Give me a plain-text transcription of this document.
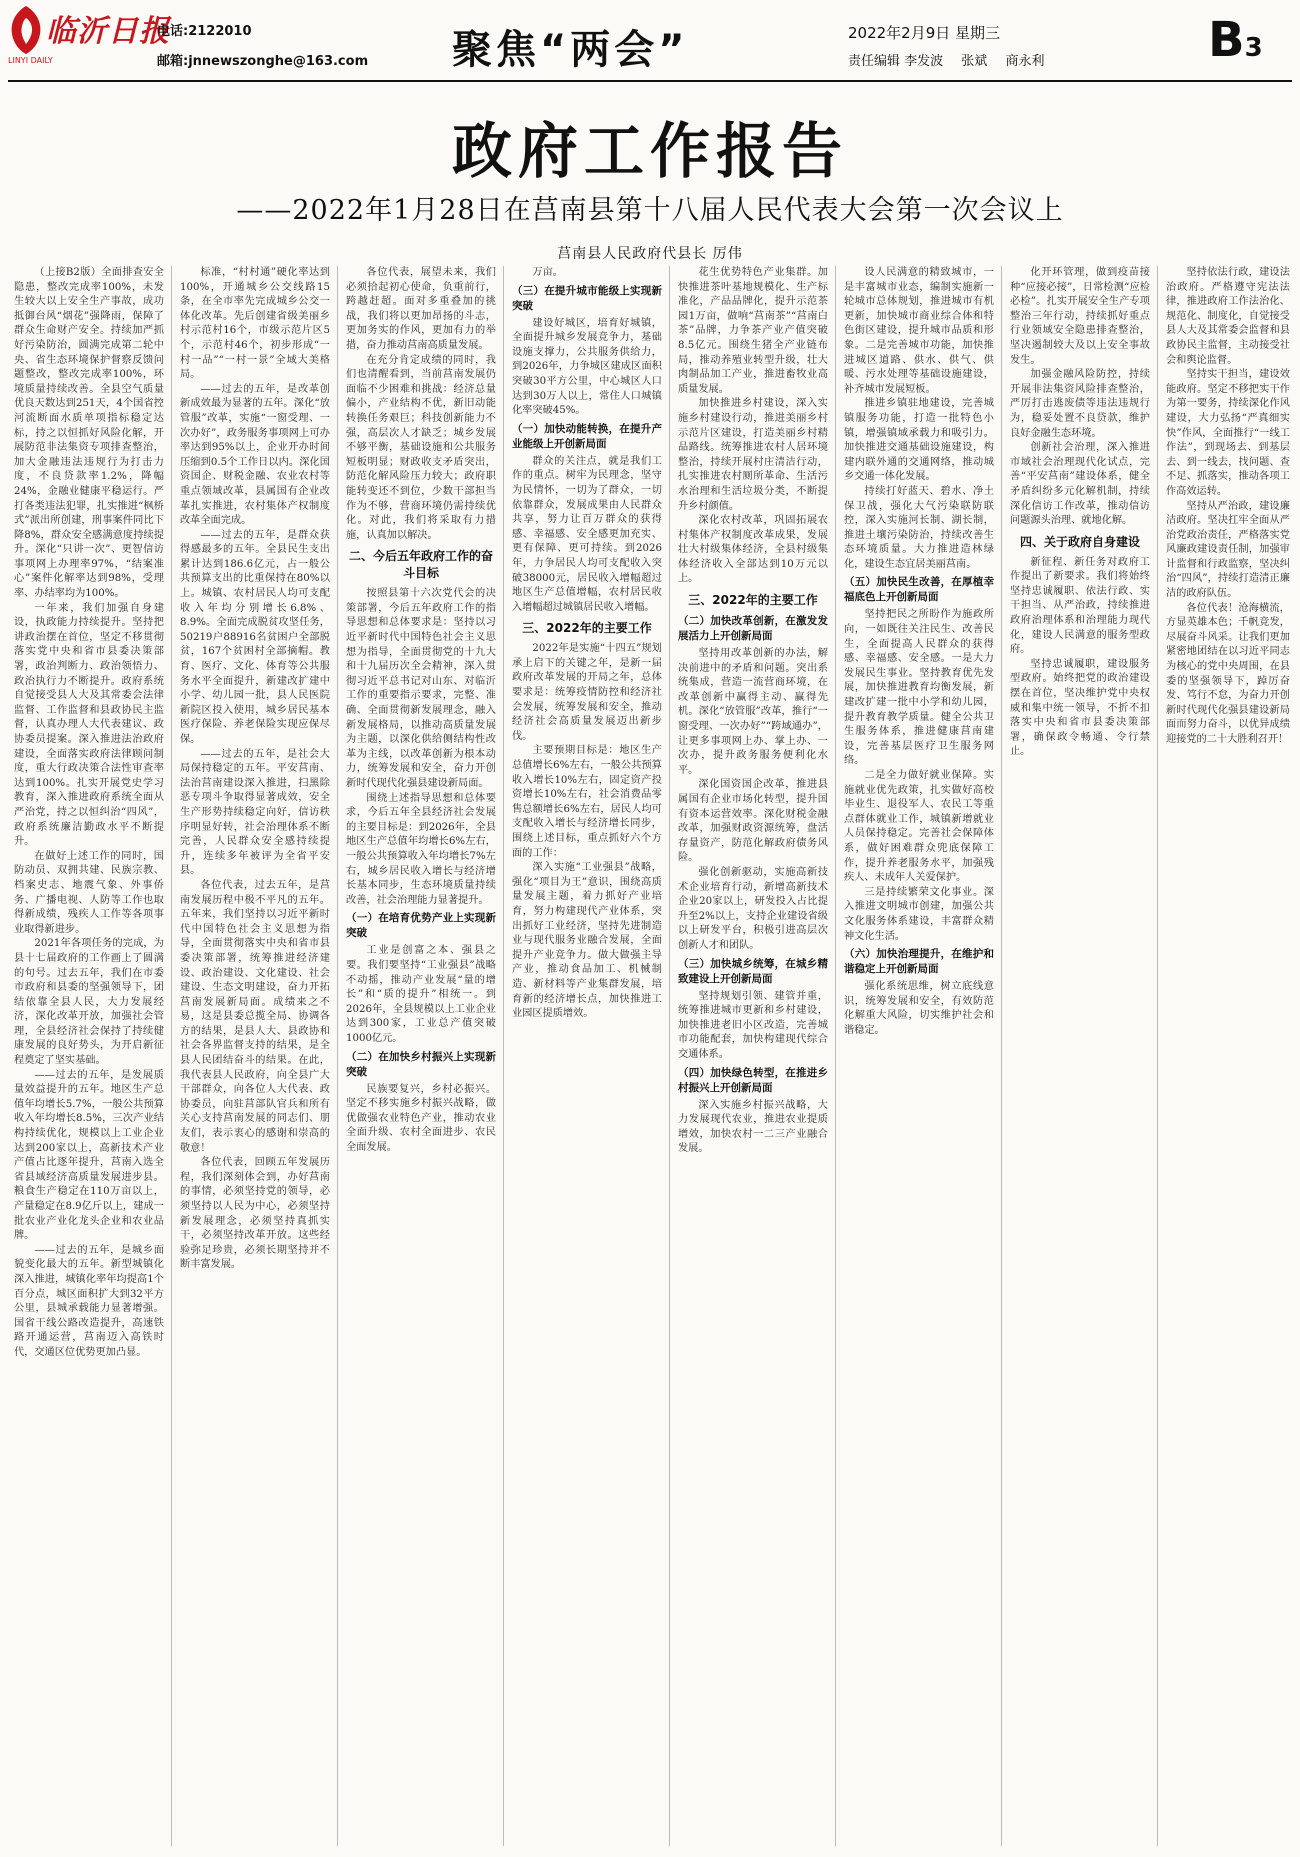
临沂日报
LINYI DAILY
电话:2122010
邮箱:jnnewszonghe@163.com 聚焦“两会”	2022年2月9日 星期三
责任编辑 李发波 张斌 商永利	B3
政府工作报告
——2022年1月28日在莒南县第十八届人民代表大会第一次会议上
莒南县人民政府代县长 厉伟

（上接B2版）全面排查安全隐患，整改完成率100%，未发生较大以上安全生产事故，成功抵御台风“烟花”强降雨，保障了群众生命财产安全。持续加严抓好污染防治，圆满完成第二轮中央、省生态环境保护督察反馈问题整改，整改完成率100%，环境质量持续改善。全县空气质量优良天数达到251天，4个国省控河流断面水质单项指标稳定达标，持之以恒抓好风险化解，开展防范非法集资专项排查整治，加大金融违法违规行为打击力度，不良贷款率1.2%，降幅24%，金融业健康平稳运行。严打各类违法犯罪，扎实推进“枫桥式”派出所创建，刑事案件同比下降8%，群众安全感满意度持续提升。深化“只讲一次”、更智信访事项网上办理率97%，“结案准心”案件化解率达到98%，受理率、办结率均为100%。

一年来，我们加强自身建设，执政能力持续提升。坚持把讲政治摆在首位，坚定不移贯彻落实党中央和省市县委决策部署，政治判断力、政治领悟力、政治执行力不断提升。政府系统自觉接受县人大及其常委会法律监督、工作监督和县政协民主监督，认真办理人大代表建议、政协委员提案。深入推进法治政府建设，全面落实政府法律顾问制度，重大行政决策合法性审查率达到100%。扎实开展党史学习教育，深入推进政府系统全面从严治党，持之以恒纠治“四风”，政府系统廉洁勤政水平不断提升。

在做好上述工作的同时，国防动员、双拥共建、民族宗教、档案史志、地震气象、外事侨务、广播电视、人防等工作也取得新成绩，残疾人工作等各项事业取得新进步。

2021年各项任务的完成，为县十七届政府的工作画上了圆满的句号。过去五年，我们在市委市政府和县委的坚强领导下，团结依靠全县人民，大力发展经济，深化改革开放，加强社会管理，全县经济社会保持了持续健康发展的良好势头，为开启新征程奠定了坚实基础。

——过去的五年，是发展质量效益提升的五年。地区生产总值年均增长5.7%，一般公共预算收入年均增长8.5%，三次产业结构持续优化，规模以上工业企业达到200家以上，高新技术产业产值占比逐年提升，莒南入选全省县域经济高质量发展进步县。粮食生产稳定在110万亩以上，产量稳定在8.9亿斤以上，建成一批农业产业化龙头企业和农业品牌。

——过去的五年，是城乡面貌变化最大的五年。新型城镇化深入推进，城镇化率年均提高1个百分点，城区面积扩大到32平方公里，县城承载能力显著增强。国省干线公路改造提升，高速铁路开通运营，莒南迈入高铁时代，交通区位优势更加凸显。

标准，“村村通”硬化率达到100%，开通城乡公交线路15条，在全市率先完成城乡公交一体化改革。先后创建省级美丽乡村示范村16个，市级示范片区5个，示范村46个，初步形成“一村一品”“一村一景”全域大美格局。

——过去的五年，是改革创新成效最为显著的五年。深化“放管服”改革，实施“一窗受理、一次办好”，政务服务事项网上可办率达到95%以上，企业开办时间压缩到0.5个工作日以内。深化国资国企、财税金融、农业农村等重点领域改革，县属国有企业改革扎实推进，农村集体产权制度改革全面完成。

——过去的五年，是群众获得感最多的五年。全县民生支出累计达到186.6亿元，占一般公共预算支出的比重保持在80%以上。城镇、农村居民人均可支配收入年均分别增长6.8%、8.9%。全面完成脱贫攻坚任务，50219户88916名贫困户全部脱贫，167个贫困村全部摘帽。教育、医疗、文化、体育等公共服务水平全面提升，新建改扩建中小学、幼儿园一批，县人民医院新院区投入使用，城乡居民基本医疗保险、养老保险实现应保尽保。

——过去的五年，是社会大局保持稳定的五年。平安莒南、法治莒南建设深入推进，扫黑除恶专项斗争取得显著成效，安全生产形势持续稳定向好，信访秩序明显好转，社会治理体系不断完善，人民群众安全感持续提升，连续多年被评为全省平安县。

各位代表，过去五年，是莒南发展历程中极不平凡的五年。五年来，我们坚持以习近平新时代中国特色社会主义思想为指导，全面贯彻落实中央和省市县委决策部署，统筹推进经济建设、政治建设、文化建设、社会建设、生态文明建设，奋力开拓莒南发展新局面。成绩来之不易，这是县委总揽全局、协调各方的结果，是县人大、县政协和社会各界监督支持的结果，是全县人民团结奋斗的结果。在此，我代表县人民政府，向全县广大干部群众，向各位人大代表、政协委员，向驻莒部队官兵和所有关心支持莒南发展的同志们、朋友们，表示衷心的感谢和崇高的敬意！

各位代表，回顾五年发展历程，我们深刻体会到，办好莒南的事情，必须坚持党的领导，必须坚持以人民为中心，必须坚持新发展理念，必须坚持真抓实干，必须坚持改革开放。这些经验弥足珍贵，必须长期坚持并不断丰富发展。

各位代表，展望未来，我们必须拾起初心使命，负重前行，跨越赶超。面对多重叠加的挑战，我们将以更加昂扬的斗志，更加务实的作风，更加有力的举措，奋力推动莒南高质量发展。

在充分肯定成绩的同时，我们也清醒看到，当前莒南发展仍面临不少困难和挑战：经济总量偏小，产业结构不优，新旧动能转换任务艰巨；科技创新能力不强，高层次人才缺乏；城乡发展不够平衡，基础设施和公共服务短板明显；财政收支矛盾突出，防范化解风险压力较大；政府职能转变还不到位，少数干部担当作为不够，营商环境仍需持续优化。对此，我们将采取有力措施，认真加以解决。

二、今后五年政府工作的奋斗目标

按照县第十六次党代会的决策部署，今后五年政府工作的指导思想和总体要求是：坚持以习近平新时代中国特色社会主义思想为指导，全面贯彻党的十九大和十九届历次全会精神，深入贯彻习近平总书记对山东、对临沂工作的重要指示要求，完整、准确、全面贯彻新发展理念，融入新发展格局，以推动高质量发展为主题，以深化供给侧结构性改革为主线，以改革创新为根本动力，统筹发展和安全，奋力开创新时代现代化强县建设新局面。

围绕上述指导思想和总体要求，今后五年全县经济社会发展的主要目标是：到2026年，全县地区生产总值年均增长6%左右，一般公共预算收入年均增长7%左右，城乡居民收入增长与经济增长基本同步，生态环境质量持续改善，社会治理能力显著提升。

（一）在培育优势产业上实现新突破

工业是创富之本、强县之要。我们要坚持“工业强县”战略不动摇，推动产业发展“量的增长”和“质的提升”相统一。到2026年，全县规模以上工业企业达到300家，工业总产值突破1000亿元。

（二）在加快乡村振兴上实现新突破

民族要复兴，乡村必振兴。坚定不移实施乡村振兴战略，做优做强农业特色产业，推动农业全面升级、农村全面进步、农民全面发展。

万亩。

（三）在提升城市能级上实现新突破

建设好城区，培育好城镇，全面提升城乡发展竞争力，基础设施支撑力，公共服务供给力，到2026年，力争城区建成区面积突破30平方公里，中心城区人口达到30万人以上，常住人口城镇化率突破45%。

（一）加快动能转换，在提升产业能级上开创新局面

群众的关注点，就是我们工作的重点。树牢为民理念，坚守为民情怀，一切为了群众，一切依靠群众，发展成果由人民群众共享，努力让百万群众的获得感、幸福感、安全感更加充实、更有保障、更可持续。到2026年，力争居民人均可支配收入突破38000元，居民收入增幅超过地区生产总值增幅，农村居民收入增幅超过城镇居民收入增幅。

三、2022年的主要工作

2022年是实施“十四五”规划承上启下的关键之年，是新一届政府改革发展的开局之年，总体要求是：统筹疫情防控和经济社会发展，统筹发展和安全，推动经济社会高质量发展迈出新步伐。

主要预期目标是：地区生产总值增长6%左右，一般公共预算收入增长10%左右，固定资产投资增长10%左右，社会消费品零售总额增长6%左右，居民人均可支配收入增长与经济增长同步，围绕上述目标，重点抓好六个方面的工作：

深入实施“工业强县”战略，强化“项目为王”意识，围绕高质量发展主题，着力抓好产业培育，努力构建现代产业体系，突出抓好工业经济，坚持先进制造业与现代服务业融合发展，全面提升产业竞争力。做大做强主导产业，推动食品加工、机械制造、新材料等产业集群发展，培育新的经济增长点，加快推进工业园区提质增效。

花生优势特色产业集群。加快推进茶叶基地规模化、生产标准化，产品品牌化，提升示范茶园1万亩，做响“莒南茶”“莒南白茶”品牌，力争茶产业产值突破8.5亿元。围绕生猪全产业链布局，推动养殖业转型升级，壮大肉制品加工产业，推进畜牧业高质量发展。

加快推进乡村建设，深入实施乡村建设行动，推进美丽乡村示范片区建设，打造美丽乡村精品路线。统筹推进农村人居环境整治，持续开展村庄清洁行动，扎实推进农村厕所革命、生活污水治理和生活垃圾分类，不断提升乡村颜值。

深化农村改革，巩固拓展农村集体产权制度改革成果，发展壮大村级集体经济，全县村级集体经济收入全部达到10万元以上。

三、2022年的主要工作
（二）加快改革创新，在激发发展活力上开创新局面

坚持用改革创新的办法，解决前进中的矛盾和问题。突出系统集成，营造一流营商环境，在改革创新中赢得主动、赢得先机。深化“放管服”改革，推行“一窗受理、一次办好”“跨域通办”，让更多事项网上办、掌上办、一次办，提升政务服务便利化水平。

深化国资国企改革，推进县属国有企业市场化转型，提升国有资本运营效率。深化财税金融改革，加强财政资源统筹，盘活存量资产，防范化解政府债务风险。

强化创新驱动，实施高新技术企业培育行动，新增高新技术企业20家以上，研发投入占比提升至2%以上，支持企业建设省级以上研发平台，积极引进高层次创新人才和团队。

（三）加快城乡统筹，在城乡精致建设上开创新局面

坚持规划引领、建管并重，统筹推进城市更新和乡村建设，加快推进老旧小区改造，完善城市功能配套，加快构建现代综合交通体系。

（四）加快绿色转型，在推进乡村振兴上开创新局面

深入实施乡村振兴战略，大力发展现代农业，推进农业提质增效，加快农村一二三产业融合发展。

设人民满意的精致城市，一是丰富城市业态，编制实施新一轮城市总体规划，推进城市有机更新，加快城市商业综合体和特色街区建设，提升城市品质和形象。二是完善城市功能，加快推进城区道路、供水、供气、供暖、污水处理等基础设施建设，补齐城市发展短板。

推进乡镇驻地建设，完善城镇服务功能，打造一批特色小镇，增强镇域承载力和吸引力。加快推进交通基础设施建设，构建内联外通的交通网络，推动城乡交通一体化发展。

持续打好蓝天、碧水、净土保卫战，强化大气污染联防联控，深入实施河长制、湖长制，推进土壤污染防治，持续改善生态环境质量。大力推进造林绿化，建设生态宜居美丽莒南。

（五）加快民生改善，在厚植幸福底色上开创新局面

坚持把民之所盼作为施政所向，一如既往关注民生、改善民生，全面提高人民群众的获得感、幸福感、安全感。一是大力发展民生事业。坚持教育优先发展，加快推进教育均衡发展，新建改扩建一批中小学和幼儿园，提升教育教学质量。健全公共卫生服务体系，推进健康莒南建设，完善基层医疗卫生服务网络。

二是全力做好就业保障。实施就业优先政策，扎实做好高校毕业生、退役军人、农民工等重点群体就业工作，城镇新增就业人员保持稳定。完善社会保障体系，做好困难群众兜底保障工作，提升养老服务水平，加强残疾人、未成年人关爱保护。

三是持续繁荣文化事业。深入推进文明城市创建，加强公共文化服务体系建设，丰富群众精神文化生活。

（六）加快治理提升，在维护和谐稳定上开创新局面

强化系统思维，树立底线意识，统筹发展和安全，有效防范化解重大风险，切实维护社会和谐稳定。

化开环管理，做到疫苗接种“应接必接”，日常检测“应检必检”。扎实开展安全生产专项整治三年行动，持续抓好重点行业领域安全隐患排查整治，坚决遏制较大及以上安全事故发生。

加强金融风险防控，持续开展非法集资风险排查整治，严厉打击逃废债等违法违规行为，稳妥处置不良贷款，维护良好金融生态环境。

创新社会治理，深入推进市域社会治理现代化试点，完善“平安莒南”建设体系，健全矛盾纠纷多元化解机制，持续深化信访工作改革，推动信访问题源头治理、就地化解。

四、关于政府自身建设

新征程、新任务对政府工作提出了新要求。我们将始终坚持忠诚履职、依法行政、实干担当、从严治政，持续推进政府治理体系和治理能力现代化，建设人民满意的服务型政府。

坚持忠诚履职，建设服务型政府。始终把党的政治建设摆在首位，坚决维护党中央权威和集中统一领导，不折不扣落实中央和省市县委决策部署，确保政令畅通、令行禁止。

坚持依法行政，建设法治政府。严格遵守宪法法律，推进政府工作法治化、规范化、制度化，自觉接受县人大及其常委会监督和县政协民主监督，主动接受社会和舆论监督。

坚持实干担当，建设效能政府。坚定不移把实干作为第一要务，持续深化作风建设，大力弘扬“严真细实快”作风，全面推行“一线工作法”，到现场去、到基层去、到一线去，找问题、查不足、抓落实，推动各项工作高效运转。

坚持从严治政，建设廉洁政府。坚决扛牢全面从严治党政治责任，严格落实党风廉政建设责任制，加强审计监督和行政监察，坚决纠治“四风”，持续打造清正廉洁的政府队伍。

各位代表！沧海横流，方显英雄本色；千帆竞发，尽展奋斗风采。让我们更加紧密地团结在以习近平同志为核心的党中央周围，在县委的坚强领导下，踔厉奋发、笃行不怠，为奋力开创新时代现代化强县建设新局面而努力奋斗，以优异成绩迎接党的二十大胜利召开！
